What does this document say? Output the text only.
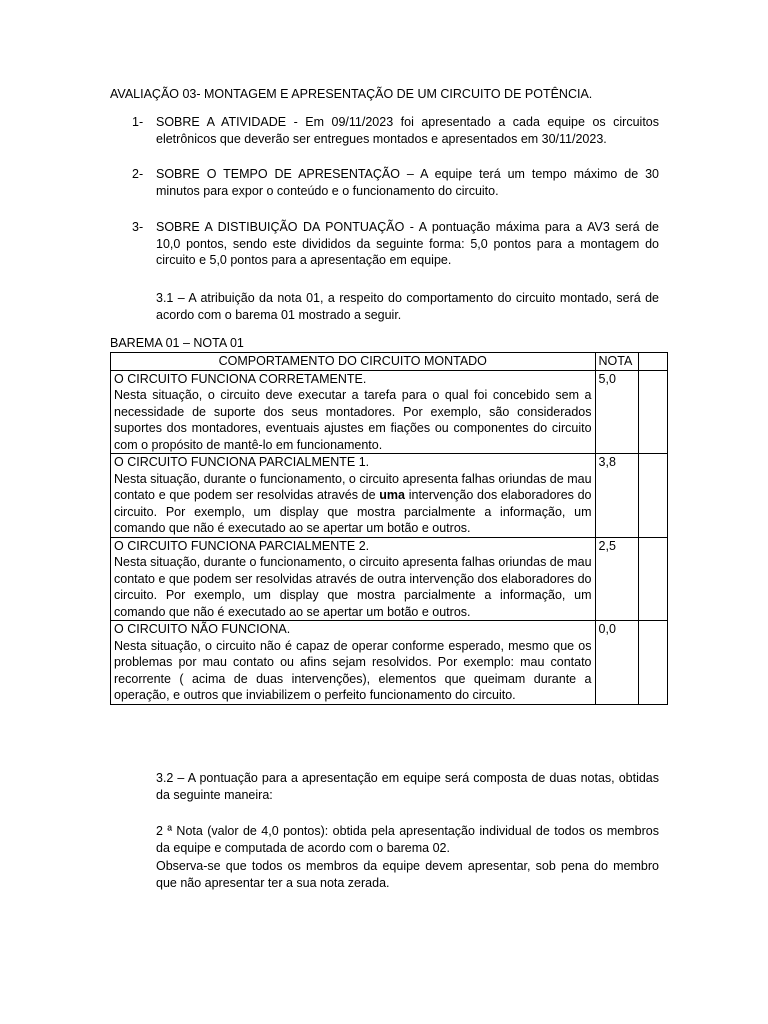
AVALIAÇÃO 03- MONTAGEM E APRESENTAÇÃO DE UM CIRCUITO DE POTÊNCIA.
1- SOBRE A ATIVIDADE - Em 09/11/2023 foi apresentado a cada equipe os circuitos eletrônicos que deverão ser entregues montados e apresentados em 30/11/2023.
2- SOBRE O TEMPO DE APRESENTAÇÃO – A equipe terá um tempo máximo de 30 minutos para expor o conteúdo e o funcionamento do circuito.
3- SOBRE A DISTIBUIÇÃO DA PONTUAÇÃO - A pontuação máxima para a AV3 será de 10,0 pontos, sendo este divididos da seguinte forma: 5,0 pontos para a montagem do circuito e 5,0 pontos para a apresentação em equipe.
3.1 – A atribuição da nota 01, a respeito do comportamento do circuito montado, será de acordo com o barema 01 mostrado a seguir.
BAREMA 01 – NOTA 01
COMPORTAMENTO DO CIRCUITO MONTADO	NOTA	

O CIRCUITO FUNCIONA CORRETAMENTE.
Nesta situação, o circuito deve executar a tarefa para o qual foi concebido sem a necessidade de suporte dos seus montadores. Por exemplo, são considerados suportes dos montadores, eventuais ajustes em fiações ou componentes do circuito com o propósito de mantê-lo em funcionamento.	5,0	

O CIRCUITO FUNCIONA PARCIALMENTE 1.
Nesta situação, durante o funcionamento, o circuito apresenta falhas oriundas de mau contato e que podem ser resolvidas através de uma intervenção dos elaboradores do circuito. Por exemplo, um display que mostra parcialmente a informação, um comando que não é executado ao se apertar um botão e outros.	3,8	

O CIRCUITO FUNCIONA PARCIALMENTE 2.
Nesta situação, durante o funcionamento, o circuito apresenta falhas oriundas de mau contato e que podem ser resolvidas através de outra intervenção dos elaboradores do circuito. Por exemplo, um display que mostra parcialmente a informação, um comando que não é executado ao se apertar um botão e outros.	2,5	

O CIRCUITO NÃO FUNCIONA.
Nesta situação, o circuito não é capaz de operar conforme esperado, mesmo que os problemas por mau contato ou afins sejam resolvidos. Por exemplo: mau contato recorrente ( acima de duas intervenções), elementos que queimam durante a operação, e outros que inviabilizem o perfeito funcionamento do circuito.	0,0	
3.2 – A pontuação para a apresentação em equipe será composta de duas notas, obtidas da seguinte maneira:
2 ª Nota (valor de 4,0 pontos): obtida pela apresentação individual de todos os membros da equipe e computada de acordo com o barema 02.
Observa-se que todos os membros da equipe devem apresentar, sob pena do membro que não apresentar ter a sua nota zerada.
